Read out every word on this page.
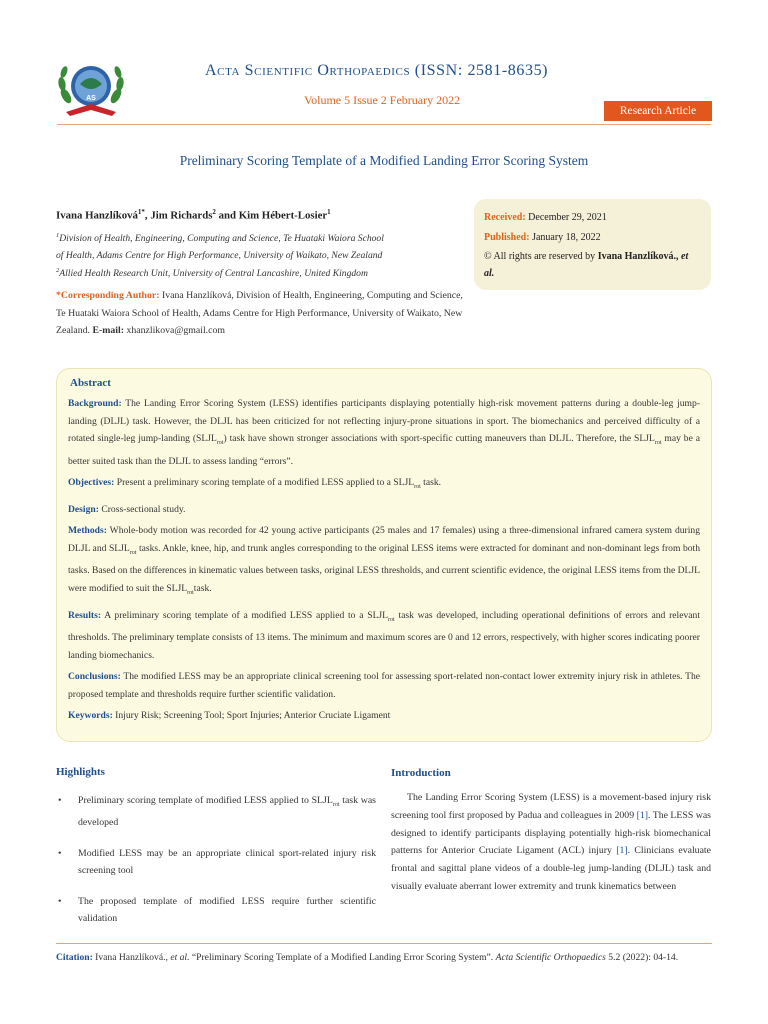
AS
Acta Scientific Orthopaedics (ISSN: 2581-8635)
Volume 5 Issue 2 February 2022
Research Article
Preliminary Scoring Template of a Modified Landing Error Scoring System
Ivana Hanzlíková$^{1*}$, Jim Richards$^2$ and Kim Hébert-Losier$^1$
$^1$Division of Health, Engineering, Computing and Science, Te Huataki Waiora School
of Health, Adams Centre for High Performance, University of Waikato, New Zealand
$^2$Allied Health Research Unit, University of Central Lancashire, United Kingdom
*Corresponding Author: Ivana Hanzlíková, Division of Health, Engineering, Computing and Science, Te Huataki Waiora School of Health, Adams Centre for High Performance, University of Waikato, New Zealand. E-mail: xhanzlikova@gmail.com
Received: December 29, 2021
Published: January 18, 2022
© All rights are reserved by Ivana Hanzlíková., et al.
Abstract

Background: The Landing Error Scoring System (LESS) identifies participants displaying potentially high-risk movement patterns during a double-leg jump-landing (DLJL) task. However, the DLJL has been criticized for not reflecting injury-prone situations in sport. The biomechanics and perceived difficulty of a rotated single-leg jump-landing $(SLJL_{rot})$ task have shown stronger associations with sport-specific cutting maneuvers than DLJL. Therefore, the $SLJL_{rot}$ may be a better suited task than the DLJL to assess landing “errors”.

Objectives: Present a preliminary scoring template of a modified LESS applied to a $SLJL_{rot}$ task.

Design: Cross-sectional study.

Methods: Whole-body motion was recorded for 42 young active participants (25 males and 17 females) using a three-dimensional infrared camera system during DLJL and $SLJL_{rot}$ tasks. Ankle, knee, hip, and trunk angles corresponding to the original LESS items were extracted for dominant and non-dominant legs from both tasks. Based on the differences in kinematic values between tasks, original LESS thresholds, and current scientific evidence, the original LESS items from the DLJL were modified to suit the $SLJL_{rot}task$.

Results: A preliminary scoring template of a modified LESS applied to a $SLJL_{rot}$ task was developed, including operational definitions of errors and relevant thresholds. The preliminary template consists of 13 items. The minimum and maximum scores are 0 and 12 errors, respectively, with higher scores indicating poorer landing biomechanics.

Conclusions: The modified LESS may be an appropriate clinical screening tool for assessing sport-related non-contact lower extremity injury risk in athletes. The proposed template and thresholds require further scientific validation.

Keywords: Injury Risk; Screening Tool; Sport Injuries; Anterior Cruciate Ligament

Highlights
• Preliminary scoring template of modified LESS applied to $SLJL_{rot}$ task was developed
• Modified LESS may be an appropriate clinical sport-related injury risk screening tool
• The proposed template of modified LESS require further scientific validation
Introduction

The Landing Error Scoring System (LESS) is a movement-based injury risk screening tool first proposed by Padua and colleagues in 2009 [1]. The LESS was designed to identify participants displaying potentially high-risk biomechanical patterns for Anterior Cruciate Ligament (ACL) injury [1]. Clinicians evaluate frontal and sagittal plane videos of a double-leg jump-landing (DLJL) task and visually evaluate aberrant lower extremity and trunk kinematics between

Citation: Ivana Hanzlíková., et al. “Preliminary Scoring Template of a Modified Landing Error Scoring System”. Acta Scientific Orthopaedics 5.2 (2022): 04-14.
